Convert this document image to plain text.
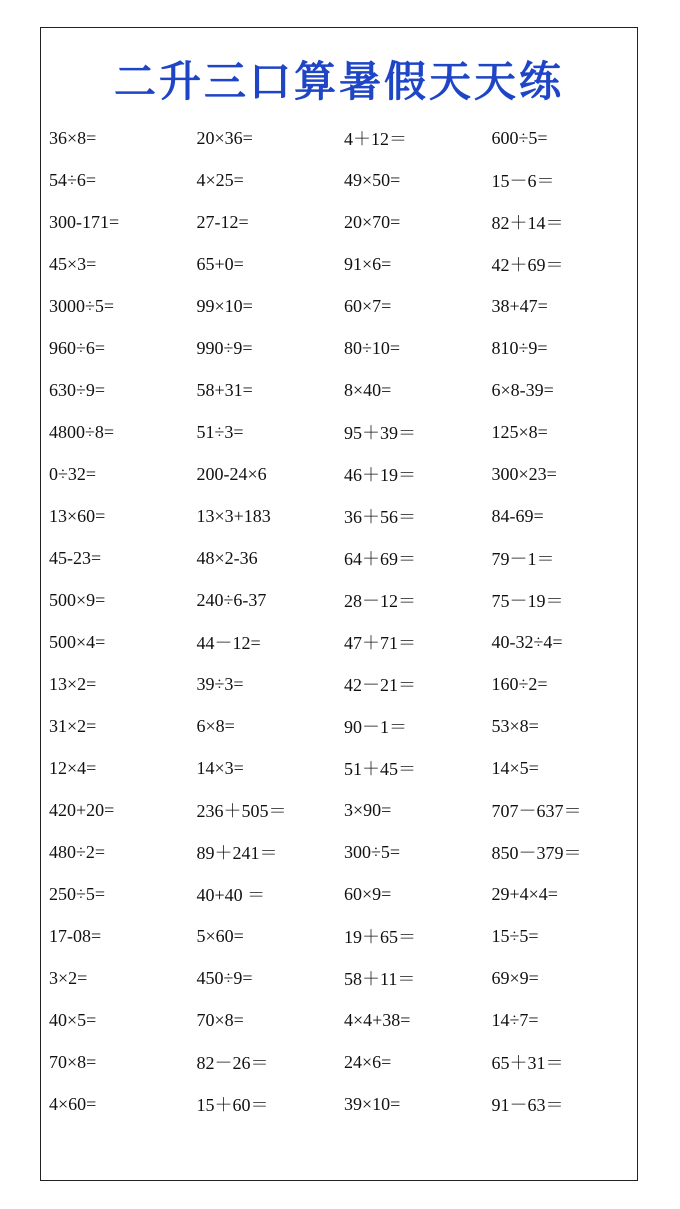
二升三口算暑假天天练
36×8=	20×36=	4＋12＝	600÷5=
54÷6=	4×25=	49×50=	15－6＝
300-171=	27-12=	20×70=	82＋14＝
45×3=	65+0=	91×6=	42＋69＝
3000÷5=	99×10=	60×7=	38+47=
960÷6=	990÷9=	80÷10=	810÷9=
630÷9=	58+31=	8×40=	6×8-39=
4800÷8=	51÷3=	95＋39＝	125×8=
0÷32=	200-24×6	46＋19＝	300×23=
13×60=	13×3+183	36＋56＝	84-69=
45-23=	48×2-36	64＋69＝	79－1＝
500×9=	240÷6-37	28－12＝	75－19＝
500×4=	44－12=	47＋71＝	40-32÷4=
13×2=	39÷3=	42－21＝	160÷2=
31×2=	6×8=	90－1＝	53×8=
12×4=	14×3=	51＋45＝	14×5=
420+20=	236＋505＝	3×90=	707－637＝
480÷2=	89＋241＝	300÷5=	850－379＝
250÷5=	40+40 ＝	60×9=	29+4×4=
17-08=	5×60=	19＋65＝	15÷5=
3×2=	450÷9=	58＋11＝	69×9=
40×5=	70×8=	4×4+38=	14÷7=
70×8=	82－26＝	24×6=	65＋31＝
4×60=	15＋60＝	39×10=	91－63＝
